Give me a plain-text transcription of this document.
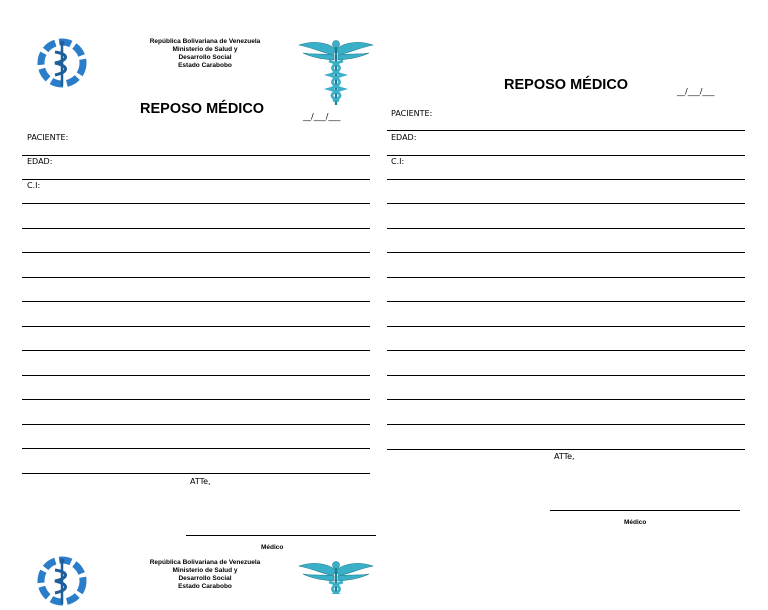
República Bolivariana de Venezuela
Ministerio de Salud y
Desarrollo Social
Estado Carabobo
REPOSO MÉDICO	__/___/___
PACIENTE:
EDAD:
C.I:
ATTe,
Médico
REPOSO MÉDICO	__/___/___
PACIENTE:
EDAD:
C.I:
ATTe,
Médico
República Bolivariana de Venezuela
Ministerio de Salud y
Desarrollo Social
Estado Carabobo
